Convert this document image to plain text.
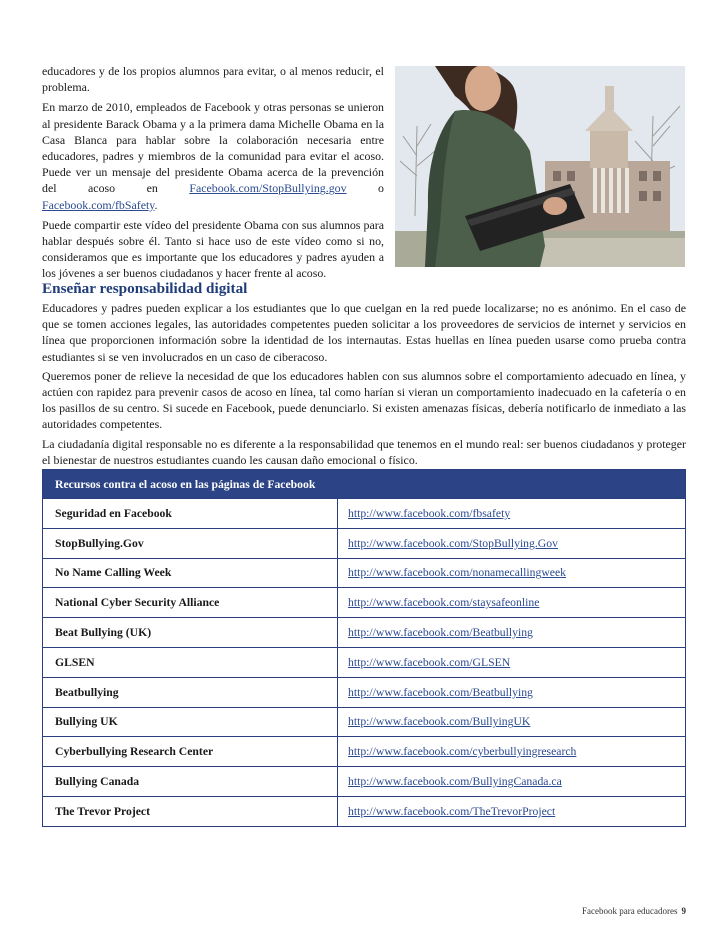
educadores y de los propios alumnos para evitar, o al menos reducir, el problema.

En marzo de 2010, empleados de Facebook y otras personas se unieron al presidente Barack Obama y a la primera dama Michelle Obama en la Casa Blanca para hablar sobre la colaboración necesaria entre educadores, padres y miembros de la comunidad para evitar el acoso. Puede ver un mensaje del presidente Obama acerca de la prevención del acoso en Facebook.com/StopBullying.gov o Facebook.com/fbSafety.

Puede compartir este vídeo del presidente Obama con sus alumnos para hablar después sobre él. Tanto si hace uso de este vídeo como si no, consideramos que es importante que los educadores y padres ayuden a los jóvenes a ser buenos ciudadanos y hacer frente al acoso.

Enseñar responsabilidad digital

Educadores y padres pueden explicar a los estudiantes que lo que cuelgan en la red puede localizarse; no es anónimo. En el caso de que se tomen acciones legales, las autoridades competentes pueden solicitar a los proveedores de servicios de internet y servicios en línea que proporcionen información sobre la identidad de los internautas. Estas huellas en línea pueden usarse como prueba contra estudiantes si se ven involucrados en un caso de ciberacoso.

Queremos poner de relieve la necesidad de que los educadores hablen con sus alumnos sobre el comportamiento adecuado en línea, y actúen con rapidez para prevenir casos de acoso en línea, tal como harían si vieran un comportamiento inadecuado en la cafetería o en los pasillos de su centro. Si sucede en Facebook, puede denunciarlo. Si existen amenazas físicas, debería notificarlo de inmediato a las autoridades competentes.

La ciudadanía digital responsable no es diferente a la responsabilidad que tenemos en el mundo real: ser buenos ciudadanos y proteger el bienestar de nuestros estudiantes cuando les causan daño emocional o físico.

Recursos contra el acoso en las páginas de Facebook	
Seguridad en Facebook	http://www.facebook.com/fbsafety
StopBullying.Gov	http://www.facebook.com/StopBullying.Gov
No Name Calling Week	http://www.facebook.com/nonamecallingweek
National Cyber Security Alliance	http://www.facebook.com/staysafeonline
Beat Bullying (UK)	http://www.facebook.com/Beatbullying
GLSEN	http://www.facebook.com/GLSEN
Beatbullying	http://www.facebook.com/Beatbullying
Bullying UK	http://www.facebook.com/BullyingUK
Cyberbullying Research Center	http://www.facebook.com/cyberbullyingresearch
Bullying Canada	http://www.facebook.com/BullyingCanada.ca
The Trevor Project	http://www.facebook.com/TheTrevorProject
Facebook para educadores 9
